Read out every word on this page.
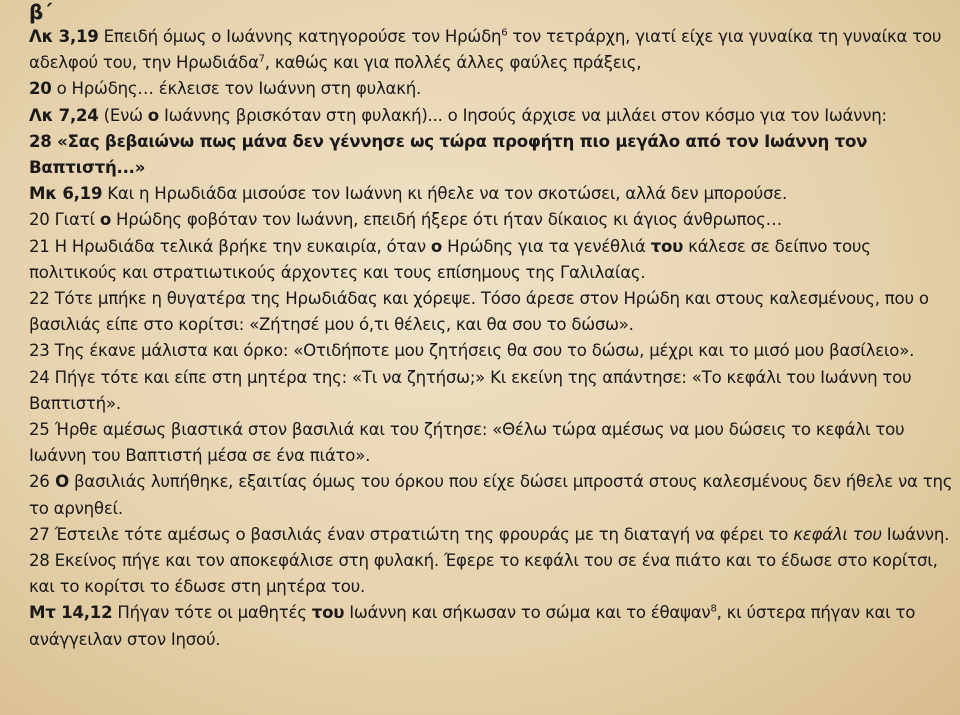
β΄

Λκ 3,19 Επειδή όμως ο Ιωάννης κατηγορούσε τον Ηρώδη$^6$ τον τετράρχη, γιατί είχε για γυναίκα τη γυναίκα του αδελφού του, την Ηρωδιάδα$^7$, καθώς και για πολλές άλλες φαύλες πράξεις,
20 ο Ηρώδης… έκλεισε τον Ιωάννη στη φυλακή.

Λκ 7,24 (Ενώ ο Ιωάννης βρισκόταν στη φυλακή)... ο Ιησούς άρχισε να μιλάει στον κόσμο για τον Ιωάννη:

28 «Σας βεβαιώνω πως μάνα δεν γέννησε ως τώρα προφήτη πιο μεγάλο από τον Ιωάννη τον Βαπτιστή...»

Μκ 6,19 Και η Ηρωδιάδα μισούσε τον Ιωάννη κι ήθελε να τον σκοτώσει, αλλά δεν μπορούσε.

20 Γιατί ο Ηρώδης φοβόταν τον Ιωάννη, επειδή ήξερε ότι ήταν δίκαιος κι άγιος άνθρωπος…

21 Η Ηρωδιάδα τελικά βρήκε την ευκαιρία, όταν ο Ηρώδης για τα γενέθλιά του κάλεσε σε δείπνο τους πολιτικούς και στρατιωτικούς άρχοντες και τους επίσημους της Γαλιλαίας.

22 Τότε μπήκε η θυγατέρα της Ηρωδιάδας και χόρεψε. Τόσο άρεσε στον Ηρώδη και στους καλεσμένους, που ο βασιλιάς είπε στο κορίτσι: «Ζήτησέ μου ό,τι θέλεις, και θα σου το δώσω».

23 Της έκανε μάλιστα και όρκο: «Οτιδήποτε μου ζητήσεις θα σου το δώσω, μέχρι και το μισό μου βασίλειο».

24 Πήγε τότε και είπε στη μητέρα της: «Τι να ζητήσω;» Κι εκείνη της απάντησε: «Το κεφάλι του Ιωάννη του Βαπτιστή».

25 Ήρθε αμέσως βιαστικά στον βασιλιά και του ζήτησε: «Θέλω τώρα αμέσως να μου δώσεις το κεφάλι του Ιωάννη του Βαπτιστή μέσα σε ένα πιάτο».

26 Ο βασιλιάς λυπήθηκε, εξαιτίας όμως του όρκου που είχε δώσει μπροστά στους καλεσμένους δεν ήθελε να της το αρνηθεί.

27 Έστειλε τότε αμέσως ο βασιλιάς έναν στρατιώτη της φρουράς με τη διαταγή να φέρει το κεφάλι του Ιωάννη.

28 Εκείνος πήγε και τον αποκεφάλισε στη φυλακή. Έφερε το κεφάλι του σε ένα πιάτο και το έδωσε στο κορίτσι, και το κορίτσι το έδωσε στη μητέρα του.

Μτ 14,12 Πήγαν τότε οι μαθητές του Ιωάννη και σήκωσαν το σώμα και το έθαψαν$^8$, κι ύστερα πήγαν και το ανάγγειλαν στον Ιησού.
